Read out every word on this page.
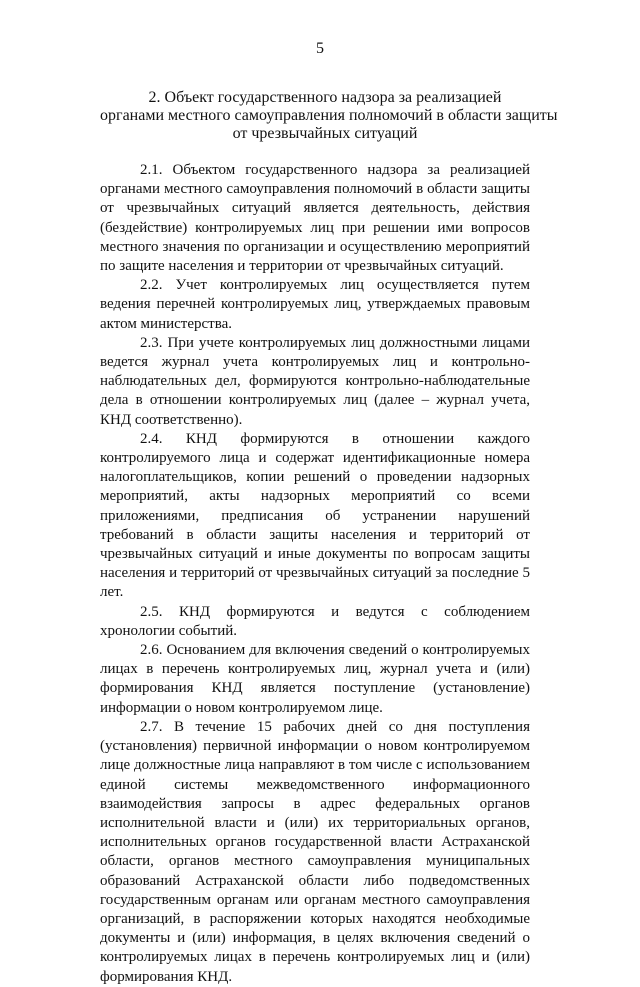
5
2. Объект государственного надзора за реализацией
органами местного самоуправления полномочий в области защиты
от чрезвычайных ситуаций

2.1. Объектом государственного надзора за реализацией органами местного самоуправления полномочий в области защиты от чрезвычайных ситуаций является деятельность, действия (бездействие) контролируемых лиц при решении ими вопросов местного значения по организации и осуществлению мероприятий по защите населения и территории от чрезвычайных ситуаций.

2.2. Учет контролируемых лиц осуществляется путем ведения перечней контролируемых лиц, утверждаемых правовым актом министерства.

2.3. При учете контролируемых лиц должностными лицами ведется журнал учета контролируемых лиц и контрольно-наблюдательных дел, формируются контрольно-наблюдательные дела в отношении контролируемых лиц (далее – журнал учета, КНД соответственно).

2.4. КНД формируются в отношении каждого контролируемого лица и содержат идентификационные номера налогоплательщиков, копии решений о проведении надзорных мероприятий, акты надзорных мероприятий со всеми приложениями, предписания об устранении нарушений требований в области защиты населения и территорий от чрезвычайных ситуаций и иные документы по вопросам защиты населения и территорий от чрезвычайных ситуаций за последние 5 лет.

2.5. КНД формируются и ведутся с соблюдением хронологии событий.

2.6. Основанием для включения сведений о контролируемых лицах в перечень контролируемых лиц, журнал учета и (или) формирования КНД является поступление (установление) информации о новом контролируемом лице.

2.7. В течение 15 рабочих дней со дня поступления (установления) первичной информации о новом контролируемом лице должностные лица направляют в том числе с использованием единой системы межведомственного информационного взаимодействия запросы в адрес федеральных органов исполнительной власти и (или) их территориальных органов, исполнительных органов государственной власти Астраханской области, органов местного самоуправления муниципальных образований Астраханской области либо подведомственных государственным органам или органам местного самоуправления организаций, в распоряжении которых находятся необходимые документы и (или) информация, в целях включения сведений о контролируемых лицах в перечень контролируемых лиц и (или) формирования КНД.
